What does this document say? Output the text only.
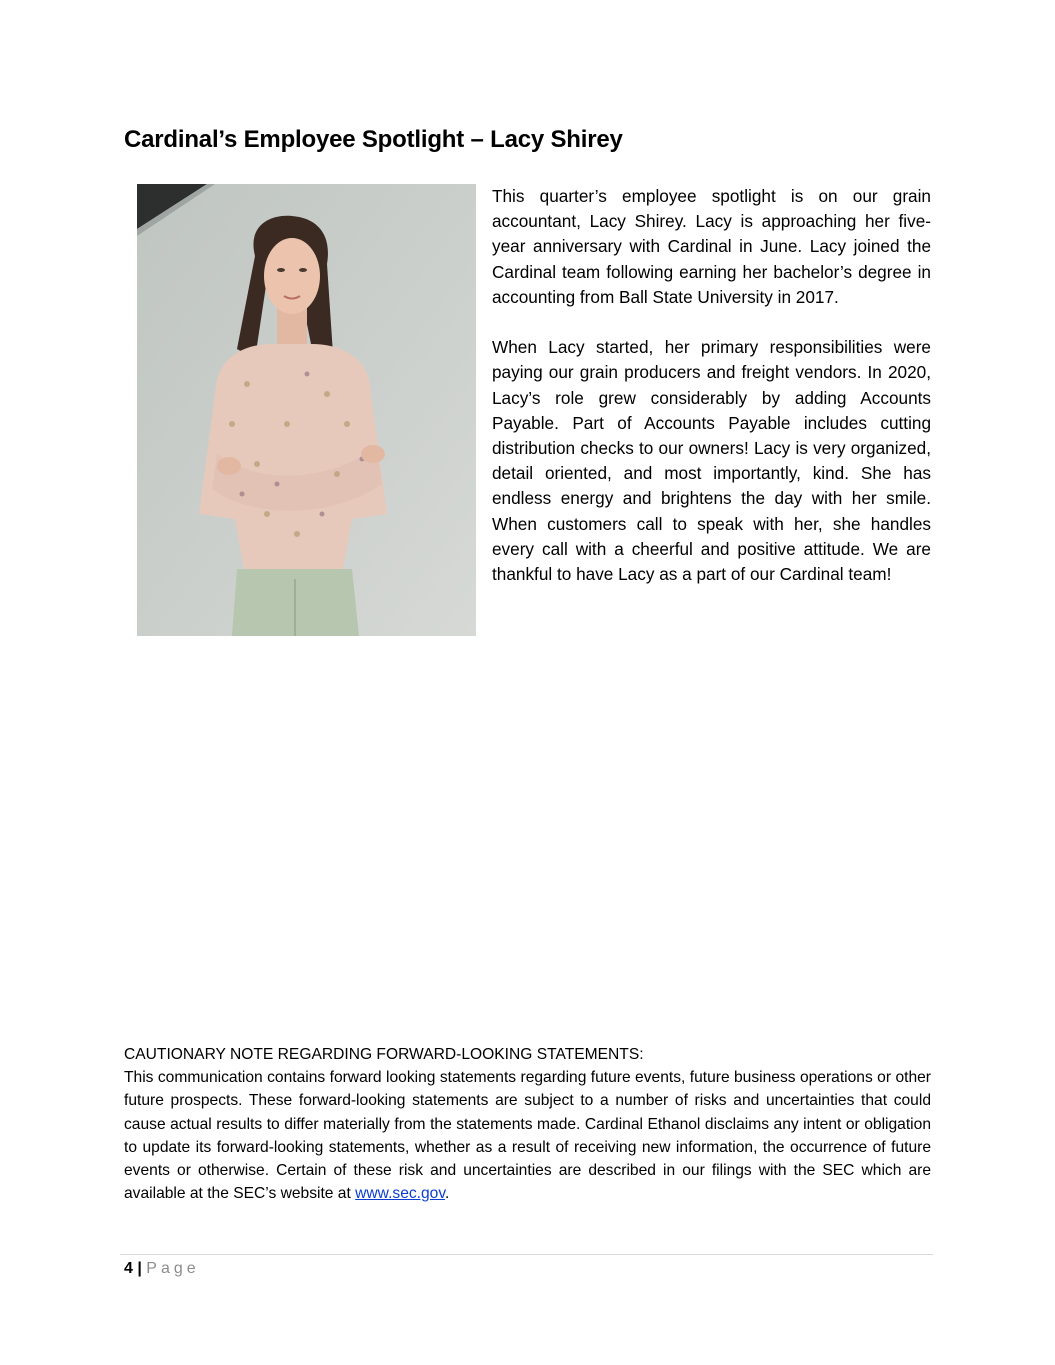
Cardinal’s Employee Spotlight – Lacy Shirey

This quarter’s employee spotlight is on our grain accountant, Lacy Shirey. Lacy is approaching her five-year anniversary with Cardinal in June. Lacy joined the Cardinal team following earning her bachelor’s degree in accounting from Ball State University in 2017.

When Lacy started, her primary responsibilities were paying our grain producers and freight vendors. In 2020, Lacy’s role grew considerably by adding Accounts Payable. Part of Accounts Payable includes cutting distribution checks to our owners! Lacy is very organized, detail oriented, and most importantly, kind. She has endless energy and brightens the day with her smile. When customers call to speak with her, she handles every call with a cheerful and positive attitude. We are thankful to have Lacy as a part of our Cardinal team!

CAUTIONARY NOTE REGARDING FORWARD-LOOKING STATEMENTS:

This communication contains forward looking statements regarding future events, future business operations or other future prospects. These forward-looking statements are subject to a number of risks and uncertainties that could cause actual results to differ materially from the statements made. Cardinal Ethanol disclaims any intent or obligation to update its forward-looking statements, whether as a result of receiving new information, the occurrence of future events or otherwise. Certain of these risk and uncertainties are described in our filings with the SEC which are available at the SEC’s website at www.sec.gov.

4 | Page
